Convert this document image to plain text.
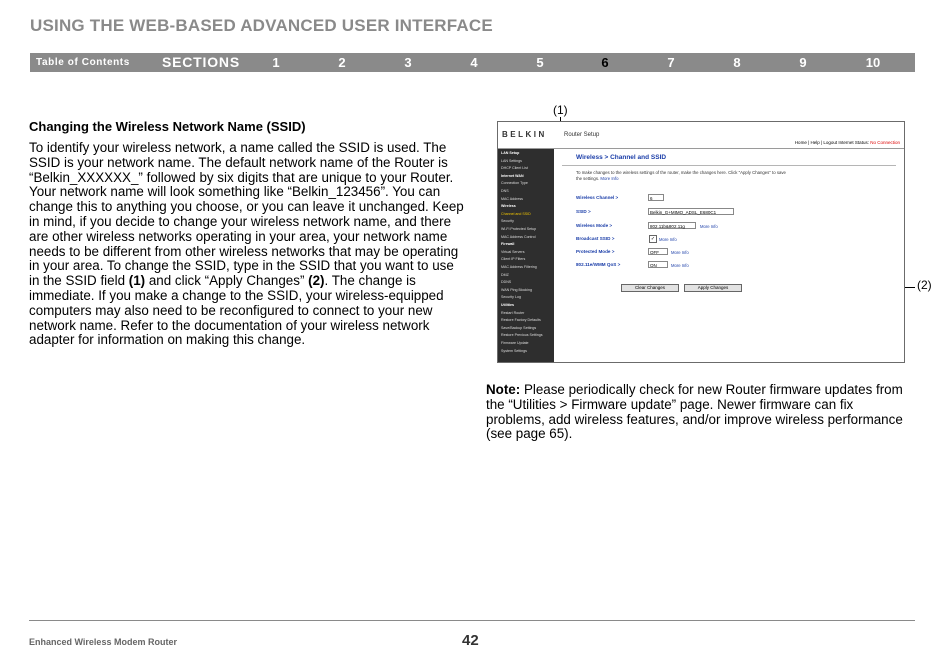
USING THE WEB-BASED ADVANCED USER INTERFACE
Table of Contents SECTIONS	1	2	3	4	5	6	7	8	9	10
Changing the Wireless Network Name (SSID)
To identify your wireless network, a name called the SSID is used. The SSID is your network name. The default network name of the Router is “Belkin_XXXXXX_” followed by six digits that are unique to your Router. Your network name will look something like “Belkin_123456”. You can change this to anything you choose, or you can leave it unchanged. Keep in mind, if you decide to change your wireless network name, and there are other wireless networks operating in your area, your network name needs to be different from other wireless networks that may be operating in your area. To change the SSID, type in the SSID that you want to use in the SSID field (1) and click “Apply Changes” (2). The change is immediate. If you make a change to the SSID, your wireless-equipped computers may also need to be reconfigured to connect to your new network name. Refer to the documentation of your wireless network adapter for information on making this change.
(1)
(2)
BELKIN	Router Setup
Home | Help | Logout Internet Status: No Connection
LAN Setup
LAN Settings
DHCP Client List
Internet WAN
Connection Type
DNS
MAC Address
Wireless
Channel and SSID
Security
Wi-Fi Protected Setup
MAC Address Control
Firewall
Virtual Servers
Client IP Filters
MAC Address Filtering
DMZ
DDNS
WAN Ping Blocking
Security Log
Utilities
Restart Router
Restore Factory Defaults
Save/Backup Settings
Restore Previous Settings
Firmware Update
System Settings
Wireless > Channel and SSID
To make changes to the wireless settings of the router, make the changes here. Click "Apply Changes" to save the settings. More Info
Wireless Channel >	6
SSID >	Belkin_G+MIMO_ADSL_E680C1
Wireless Mode >	802.11b&802.11g	More Info
Broadcast SSID >	✓ More Info
Protected Mode >	OFF	More Info
802.11e/WMM QoS >	ON	More Info
Clear Changes	Apply Changes
Note: Please periodically check for new Router firmware updates from the “Utilities > Firmware update” page. Newer firmware can fix problems, add wireless features, and/or improve wireless performance (see page 65).
Enhanced Wireless Modem Router	42
